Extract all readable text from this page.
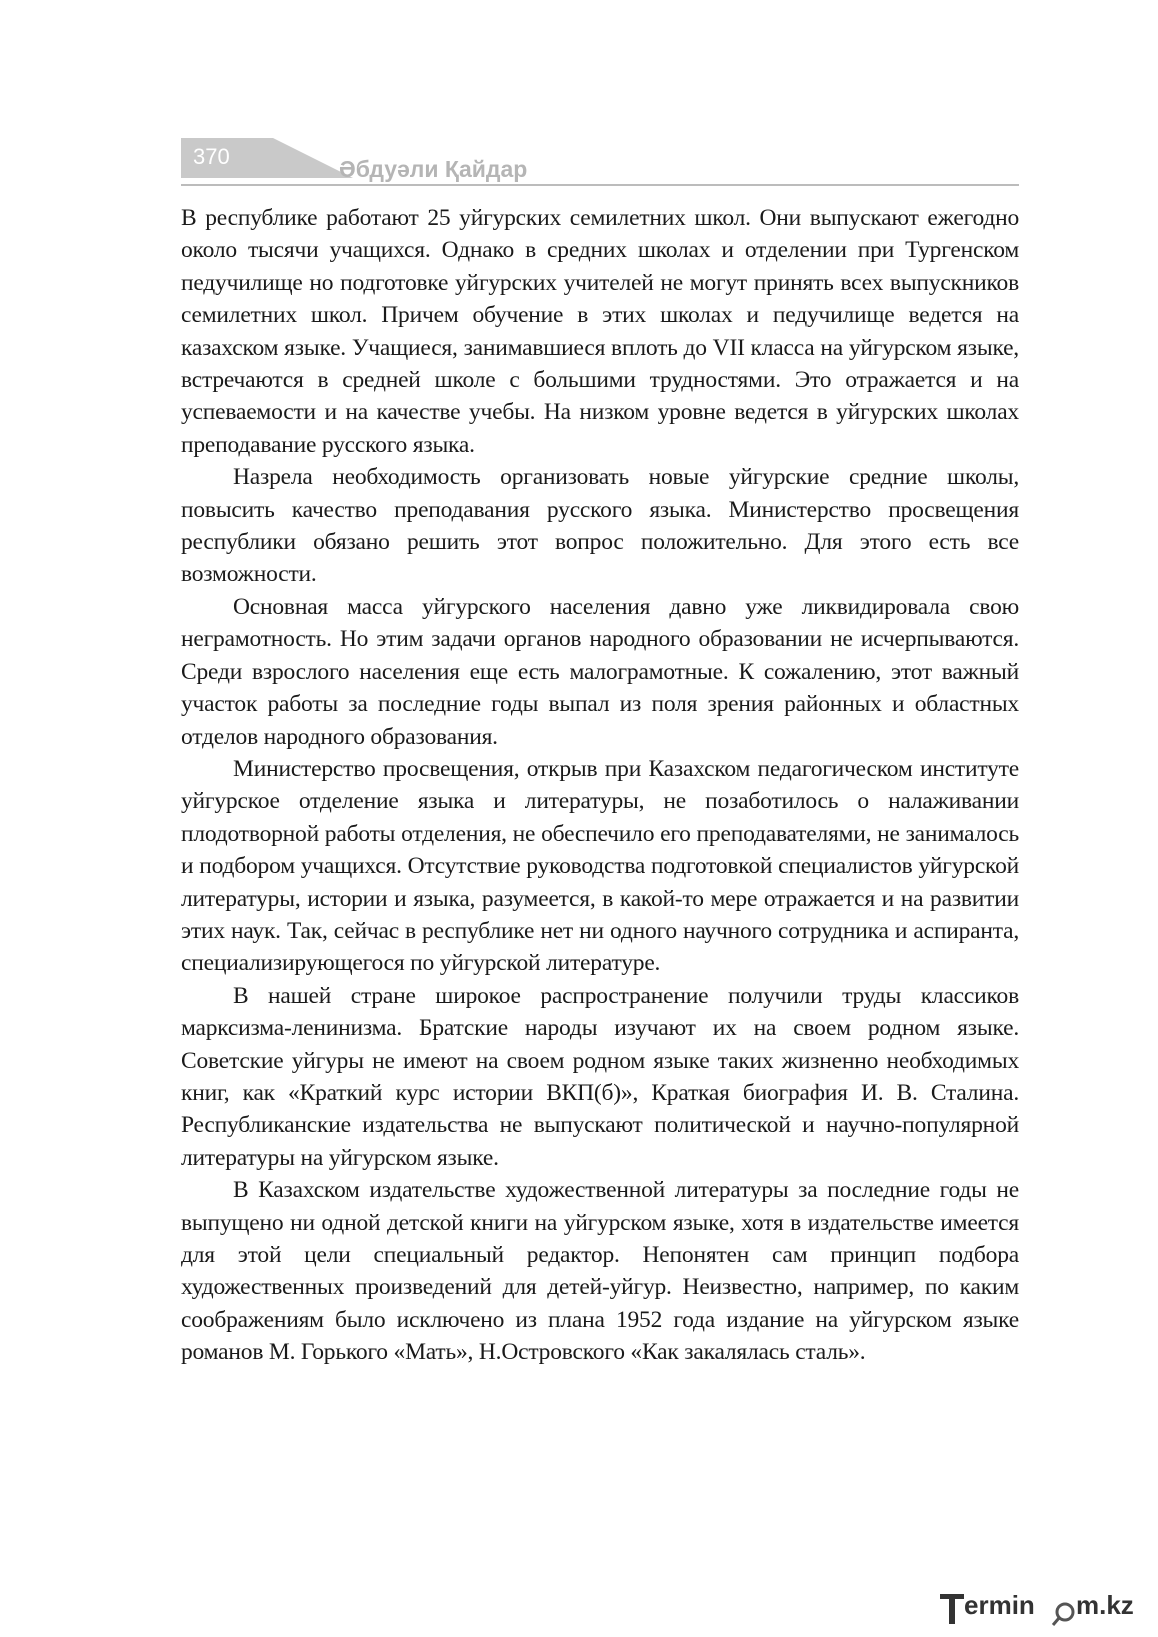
370	Әбдуәли Қайдар

В республике работают 25 уйгурских семилетних школ. Они выпускают ежегодно около тысячи учащихся. Однако в средних школах и отделении при Тургенском педучилище но подготовке уйгурских учителей не могут принять всех выпускников семилетних школ. Причем обучение в этих школах и педучилище ведется на казахском языке. Учащиеся, занимавшиеся вплоть до VII класса на уйгурском языке, встречаются в средней школе с большими трудностями. Это отражается и на успеваемости и на качестве учебы. На низком уровне ведется в уйгурских школах преподавание русского языка.

Назрела необходимость организовать новые уйгурские средние школы, повысить качество преподавания русского языка. Министерство просвещения республики обязано решить этот вопрос положительно. Для этого есть все возможности.

Основная масса уйгурского населения давно уже ликвидировала свою неграмотность. Но этим задачи органов народного образовании не исчерпываются. Среди взрослого населения еще есть малограмотные. К сожалению, этот важный участок работы за последние годы выпал из поля зрения районных и областных отделов народного образования.

Министерство просвещения, открыв при Казахском педагогическом институте уйгурское отделение языка и литературы, не позаботилось о налаживании плодотворной работы отделения, не обеспечило его преподавателями, не занималось и подбором учащихся. Отсутствие руководства подготовкой специалистов уйгурской литературы, истории и языка, разумеется, в какой-то мере отражается и на развитии этих наук. Так, сейчас в республике нет ни одного научного сотрудника и аспиранта, специализирующегося по уйгурской литературе.

В нашей стране широкое распространение получили труды классиков марксизма-ленинизма. Братские народы изучают их на своем родном языке. Советские уйгуры не имеют на своем родном языке таких жизненно необходимых книг, как «Краткий курс истории ВКП(б)», Краткая биография И. В. Сталина. Республиканские издательства не выпускают политической и научно-популярной литературы на уйгурском языке.

В Казахском издательстве художественной литературы за последние годы не выпущено ни одной детской книги на уйгурском языке, хотя в издательстве имеется для этой цели специальный редактор. Непонятен сам принцип подбора художественных произведений для детей-уйгур. Неизвестно, например, по каким соображениям было исключено из плана 1952 года издание на уйгурском языке романов М. Горького «Мать», Н.Островского «Как закалялась сталь».

ermin m.kz
